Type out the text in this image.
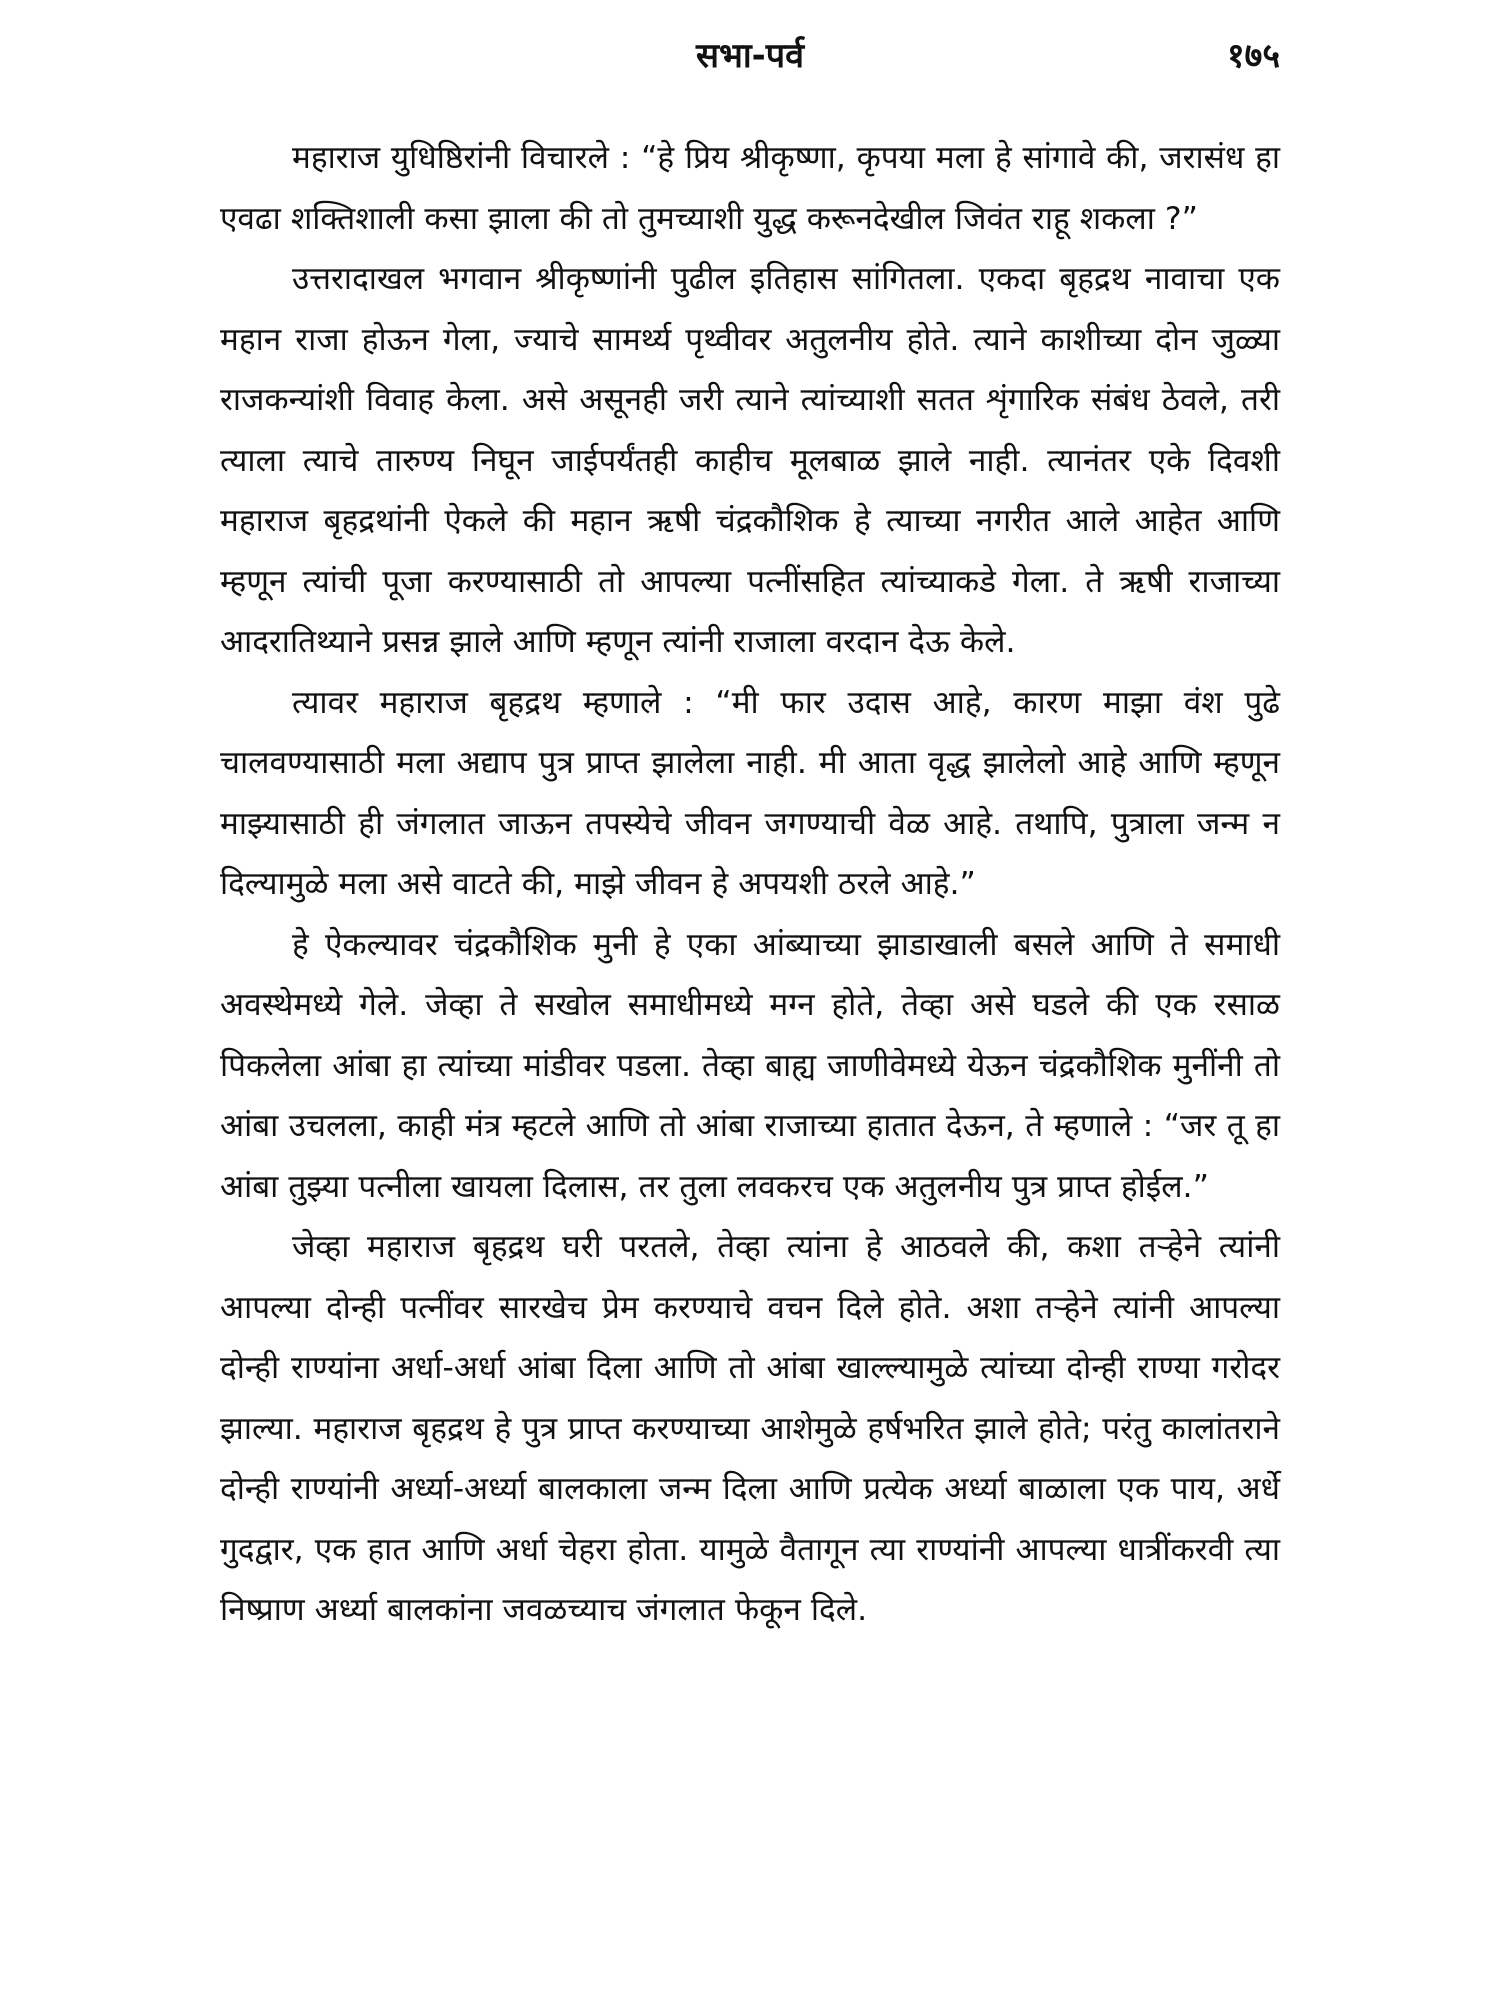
सभा-पर्व	१७५

महाराज युधिष्ठिरांनी विचारले : “हे प्रिय श्रीकृष्णा, कृपया मला हे सांगावे की, जरासंध हा एवढा शक्तिशाली कसा झाला की तो तुमच्याशी युद्ध करूनदेखील जिवंत राहू शकला ?”

उत्तरादाखल भगवान श्रीकृष्णांनी पुढील इतिहास सांगितला. एकदा बृहद्रथ नावाचा एक महान राजा होऊन गेला, ज्याचे सामर्थ्य पृथ्वीवर अतुलनीय होते. त्याने काशीच्या दोन जुळ्या राजकन्यांशी विवाह केला. असे असूनही जरी त्याने त्यांच्याशी सतत शृंगारिक संबंध ठेवले, तरी त्याला त्याचे तारुण्य निघून जाईपर्यंतही काहीच मूलबाळ झाले नाही. त्यानंतर एके दिवशी महाराज बृहद्रथांनी ऐकले की महान ऋषी चंद्रकौशिक हे त्याच्या नगरीत आले आहेत आणि म्हणून त्यांची पूजा करण्यासाठी तो आपल्या पत्नींसहित त्यांच्याकडे गेला. ते ऋषी राजाच्या आदरातिथ्याने प्रसन्न झाले आणि म्हणून त्यांनी राजाला वरदान देऊ केले.

त्यावर महाराज बृहद्रथ म्हणाले : “मी फार उदास आहे, कारण माझा वंश पुढे चालवण्यासाठी मला अद्याप पुत्र प्राप्त झालेला नाही. मी आता वृद्ध झालेलो आहे आणि म्हणून माझ्यासाठी ही जंगलात जाऊन तपस्येचे जीवन जगण्याची वेळ आहे. तथापि, पुत्राला जन्म न दिल्यामुळे मला असे वाटते की, माझे जीवन हे अपयशी ठरले आहे.”

हे ऐकल्यावर चंद्रकौशिक मुनी हे एका आंब्याच्या झाडाखाली बसले आणि ते समाधी अवस्थेमध्ये गेले. जेव्हा ते सखोल समाधीमध्ये मग्न होते, तेव्हा असे घडले की एक रसाळ पिकलेला आंबा हा त्यांच्या मांडीवर पडला. तेव्हा बाह्य जाणीवेमध्ये येऊन चंद्रकौशिक मुनींनी तो आंबा उचलला, काही मंत्र म्हटले आणि तो आंबा राजाच्या हातात देऊन, ते म्हणाले : “जर तू हा आंबा तुझ्या पत्नीला खायला दिलास, तर तुला लवकरच एक अतुलनीय पुत्र प्राप्त होईल.”

जेव्हा महाराज बृहद्रथ घरी परतले, तेव्हा त्यांना हे आठवले की, कशा तऱ्हेने त्यांनी आपल्या दोन्ही पत्नींवर सारखेच प्रेम करण्याचे वचन दिले होते. अशा तऱ्हेने त्यांनी आपल्या दोन्ही राण्यांना अर्धा-अर्धा आंबा दिला आणि तो आंबा खाल्ल्यामुळे त्यांच्या दोन्ही राण्या गरोदर झाल्या. महाराज बृहद्रथ हे पुत्र प्राप्त करण्याच्या आशेमुळे हर्षभरित झाले होते; परंतु कालांतराने दोन्ही राण्यांनी अर्ध्या-अर्ध्या बालकाला जन्म दिला आणि प्रत्येक अर्ध्या बाळाला एक पाय, अर्धे गुदद्वार, एक हात आणि अर्धा चेहरा होता. यामुळे वैतागून त्या राण्यांनी आपल्या धात्रींकरवी त्या निष्प्राण अर्ध्या बालकांना जवळच्याच जंगलात फेकून दिले.
